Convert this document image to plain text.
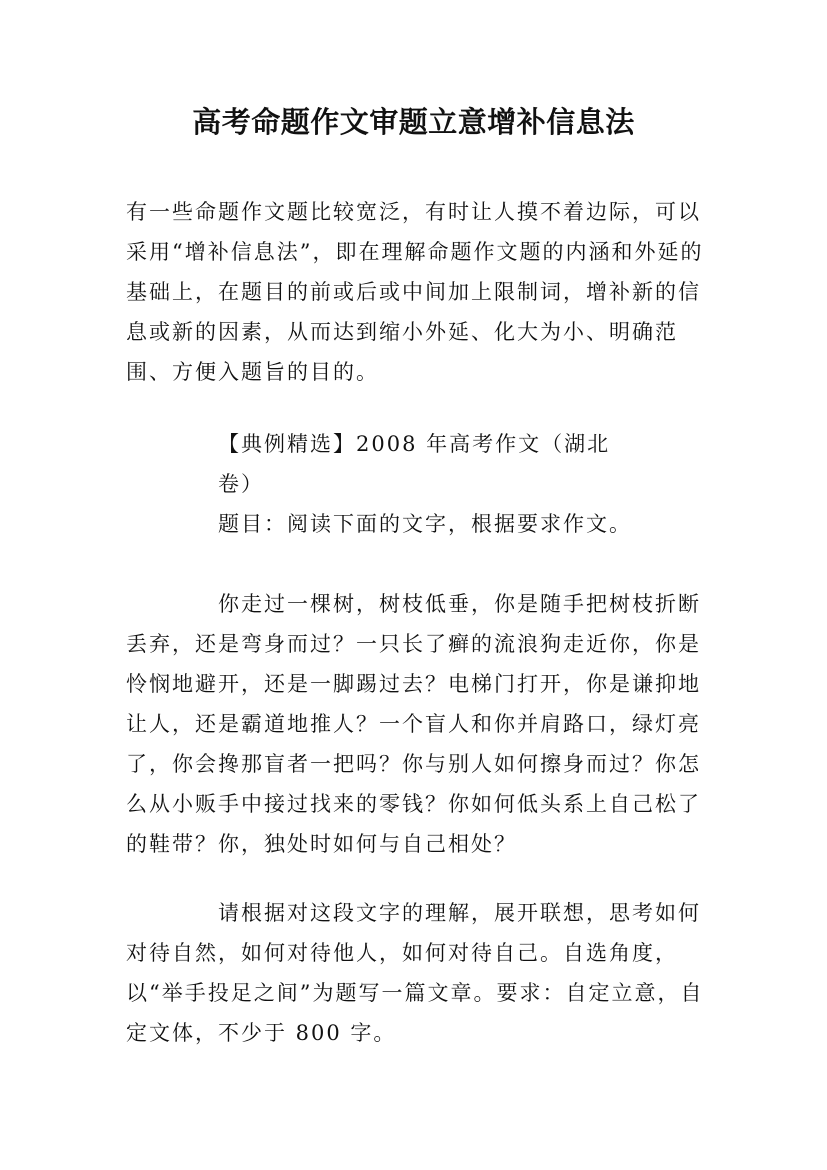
高考命题作文审题立意增补信息法

有一些命题作文题比较宽泛，有时让人摸不着边际，可以采用“增补信息法”，即在理解命题作文题的内涵和外延的基础上，在题目的前或后或中间加上限制词，增补新的信息或新的因素，从而达到缩小外延、化大为小、明确范围、方便入题旨的目的。

【典例精选】2008 年高考作文（湖北卷）

题目：阅读下面的文字，根据要求作文。

你走过一棵树，树枝低垂，你是随手把树枝折断丢弃，还是弯身而过？一只长了癣的流浪狗走近你，你是怜悯地避开，还是一脚踢过去？电梯门打开，你是谦抑地让人，还是霸道地推人？一个盲人和你并肩路口，绿灯亮了，你会搀那盲者一把吗？你与别人如何擦身而过？你怎么从小贩手中接过找来的零钱？你如何低头系上自己松了的鞋带？你，独处时如何与自己相处？

请根据对这段文字的理解，展开联想，思考如何对待自然，如何对待他人，如何对待自己。自选角度，以“举手投足之间”为题写一篇文章。要求：自定立意，自定文体，不少于 800 字。
